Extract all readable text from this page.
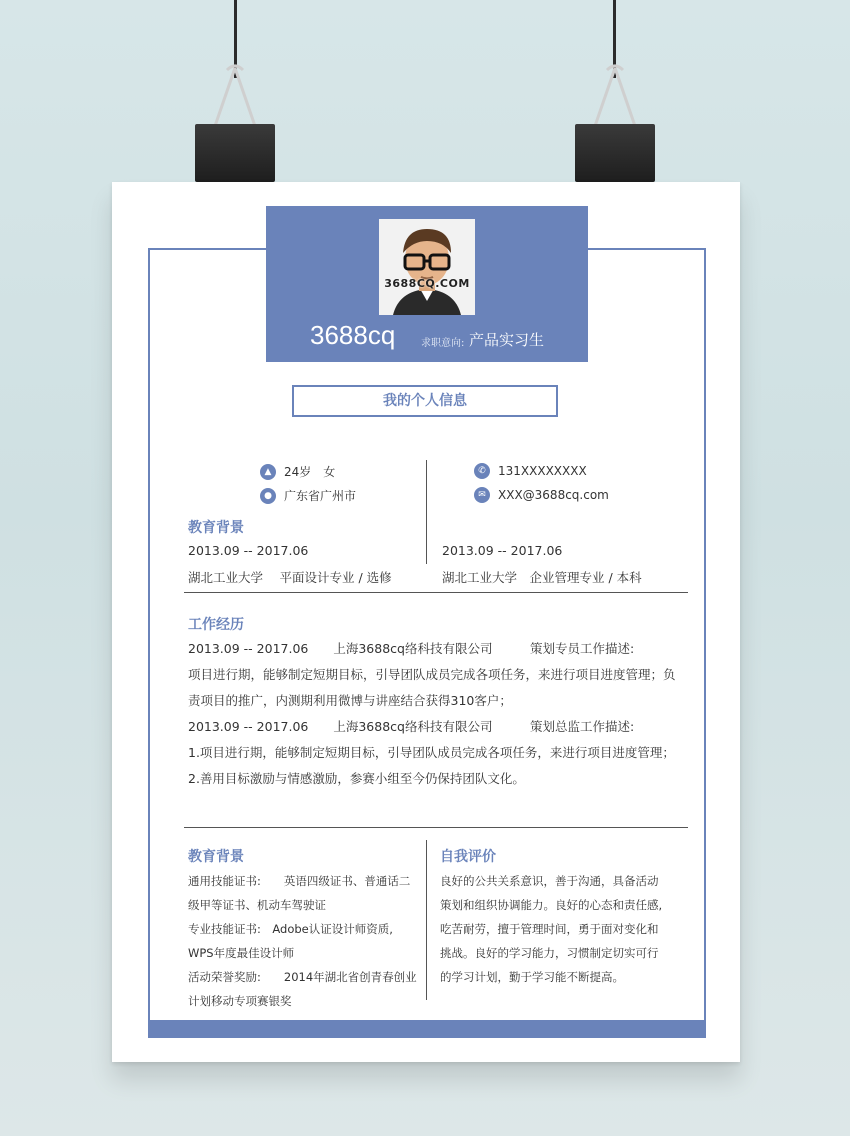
3688CQ.COM
3688cq	求职意向: 产品实习生
我的个人信息
▲	24岁　女
●	广东省广州市
✆	131XXXXXXXX
✉	XXX@3688cq.com
教育背景
2013.09 -- 2017.06
湖北工业大学　 平面设计专业 / 选修
2013.09 -- 2017.06
湖北工业大学　企业管理专业 / 本科
工作经历
2013.09 -- 2017.06　　上海3688cq络科技有限公司　　　策划专员工作描述:
项目进行期，能够制定短期目标，引导团队成员完成各项任务，来进行项目进度管理；负
责项目的推广，内测期利用微博与讲座结合获得310客户；
2013.09 -- 2017.06　　上海3688cq络科技有限公司　　　策划总监工作描述:
1.项目进行期，能够制定短期目标，引导团队成员完成各项任务，来进行项目进度管理；
2.善用目标激励与情感激励，参赛小组至今仍保持团队文化。
教育背景
通用技能证书:　　英语四级证书、普通话二
级甲等证书、机动车驾驶证
专业技能证书:　Adobe认证设计师资质,
WPS年度最佳设计师
活动荣誉奖励:　　2014年湖北省创青春创业
计划移动专项赛银奖
自我评价
良好的公共关系意识，善于沟通，具备活动
策划和组织协调能力。良好的心态和责任感,
吃苦耐劳，擅于管理时间，勇于面对变化和
挑战。良好的学习能力，习惯制定切实可行
的学习计划，勤于学习能不断提高。
